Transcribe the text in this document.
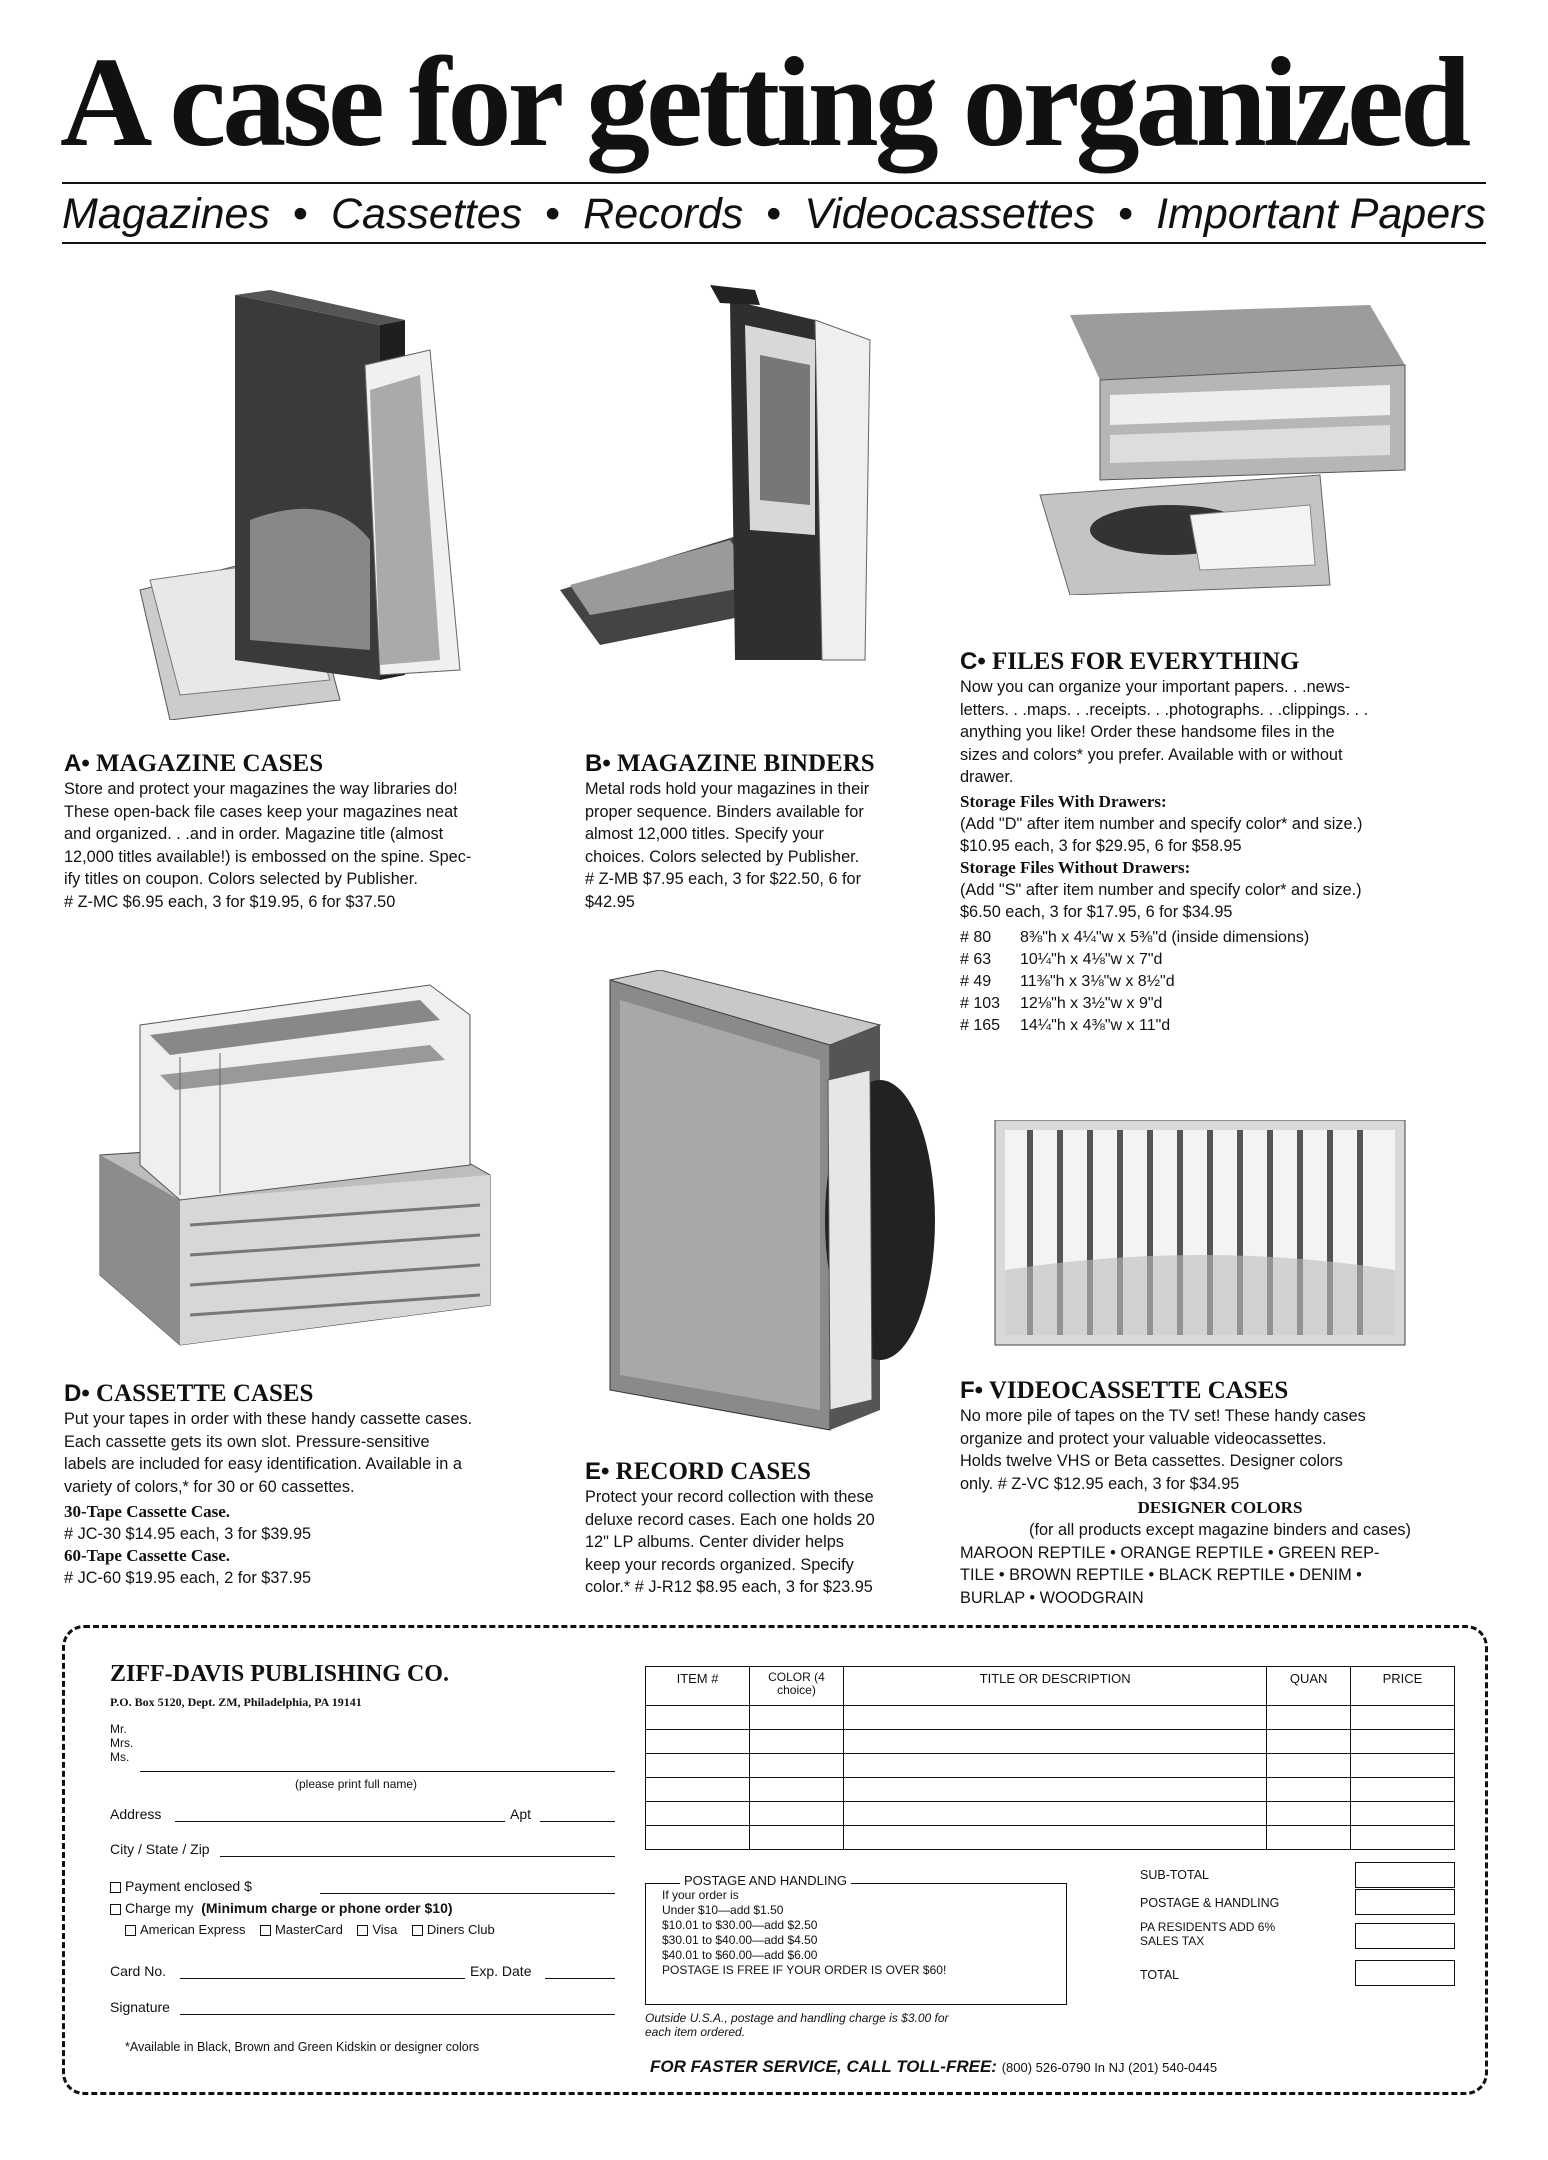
A case for getting organized
Magazines • Cassettes • Records • Videocassettes • Important Papers
A• MAGAZINE CASES
Store and protect your magazines the way libraries do!
These open-back file cases keep your magazines neat
and organized. . .and in order. Magazine title (almost
12,000 titles available!) is embossed on the spine. Spec-
ify titles on coupon. Colors selected by Publisher.
# Z-MC $6.95 each, 3 for $19.95, 6 for $37.50
B• MAGAZINE BINDERS
Metal rods hold your magazines in their
proper sequence. Binders available for
almost 12,000 titles. Specify your
choices. Colors selected by Publisher.
# Z-MB $7.95 each, 3 for $22.50, 6 for
$42.95
C• FILES FOR EVERYTHING
Now you can organize your important papers. . .news-
letters. . .maps. . .receipts. . .photographs. . .clippings. . .
anything you like! Order these handsome files in the
sizes and colors* you prefer. Available with or without
drawer.
Storage Files With Drawers:
(Add "D" after item number and specify color* and size.)
$10.95 each, 3 for $29.95, 6 for $58.95
Storage Files Without Drawers:
(Add "S" after item number and specify color* and size.)
$6.50 each, 3 for $17.95, 6 for $34.95
# 80	8⅜"h x 4¼"w x 5⅜"d (inside dimensions)
# 63	10¼"h x 4⅛"w x 7"d
# 49	11⅜"h x 3⅛"w x 8½"d
# 103	12⅛"h x 3½"w x 9"d
# 165	14¼"h x 4⅜"w x 11"d
D• CASSETTE CASES
Put your tapes in order with these handy cassette cases.
Each cassette gets its own slot. Pressure-sensitive
labels are included for easy identification. Available in a
variety of colors,* for 30 or 60 cassettes.
30-Tape Cassette Case.
# JC-30 $14.95 each, 3 for $39.95
60-Tape Cassette Case.
# JC-60 $19.95 each, 2 for $37.95
E• RECORD CASES
Protect your record collection with these
deluxe record cases. Each one holds 20
12" LP albums. Center divider helps
keep your records organized. Specify
color.* # J-R12 $8.95 each, 3 for $23.95
F• VIDEOCASSETTE CASES
No more pile of tapes on the TV set! These handy cases
organize and protect your valuable videocassettes.
Holds twelve VHS or Beta cassettes. Designer colors
only. # Z-VC $12.95 each, 3 for $34.95
DESIGNER COLORS
(for all products except magazine binders and cases)
MAROON REPTILE • ORANGE REPTILE • GREEN REP-
TILE • BROWN REPTILE • BLACK REPTILE • DENIM •
BURLAP • WOODGRAIN
ZIFF-DAVIS PUBLISHING CO.
P.O. Box 5120, Dept. ZM, Philadelphia, PA 19141
Mr.
Mrs.
Ms.
(please print full name)
Address	Apt
City / State / Zip
Payment enclosed $
Charge my (Minimum charge or phone order $10)
American Express MasterCard Visa Diners Club
Card No.	Exp. Date
Signature
*Available in Black, Brown and Green Kidskin or designer colors
ITEM #	COLOR (4 choice)	TITLE OR DESCRIPTION	QUAN	PRICE

POSTAGE AND HANDLING
If your order is
Under $10—add $1.50
$10.01 to $30.00—add $2.50
$30.01 to $40.00—add $4.50
$40.01 to $60.00—add $6.00
POSTAGE IS FREE IF YOUR ORDER IS OVER $60!
Outside U.S.A., postage and handling charge is $3.00 for
each item ordered.
SUB-TOTAL
POSTAGE & HANDLING
PA RESIDENTS ADD 6% SALES TAX
TOTAL
FOR FASTER SERVICE, CALL TOLL-FREE: (800) 526-0790 In NJ (201) 540-0445
